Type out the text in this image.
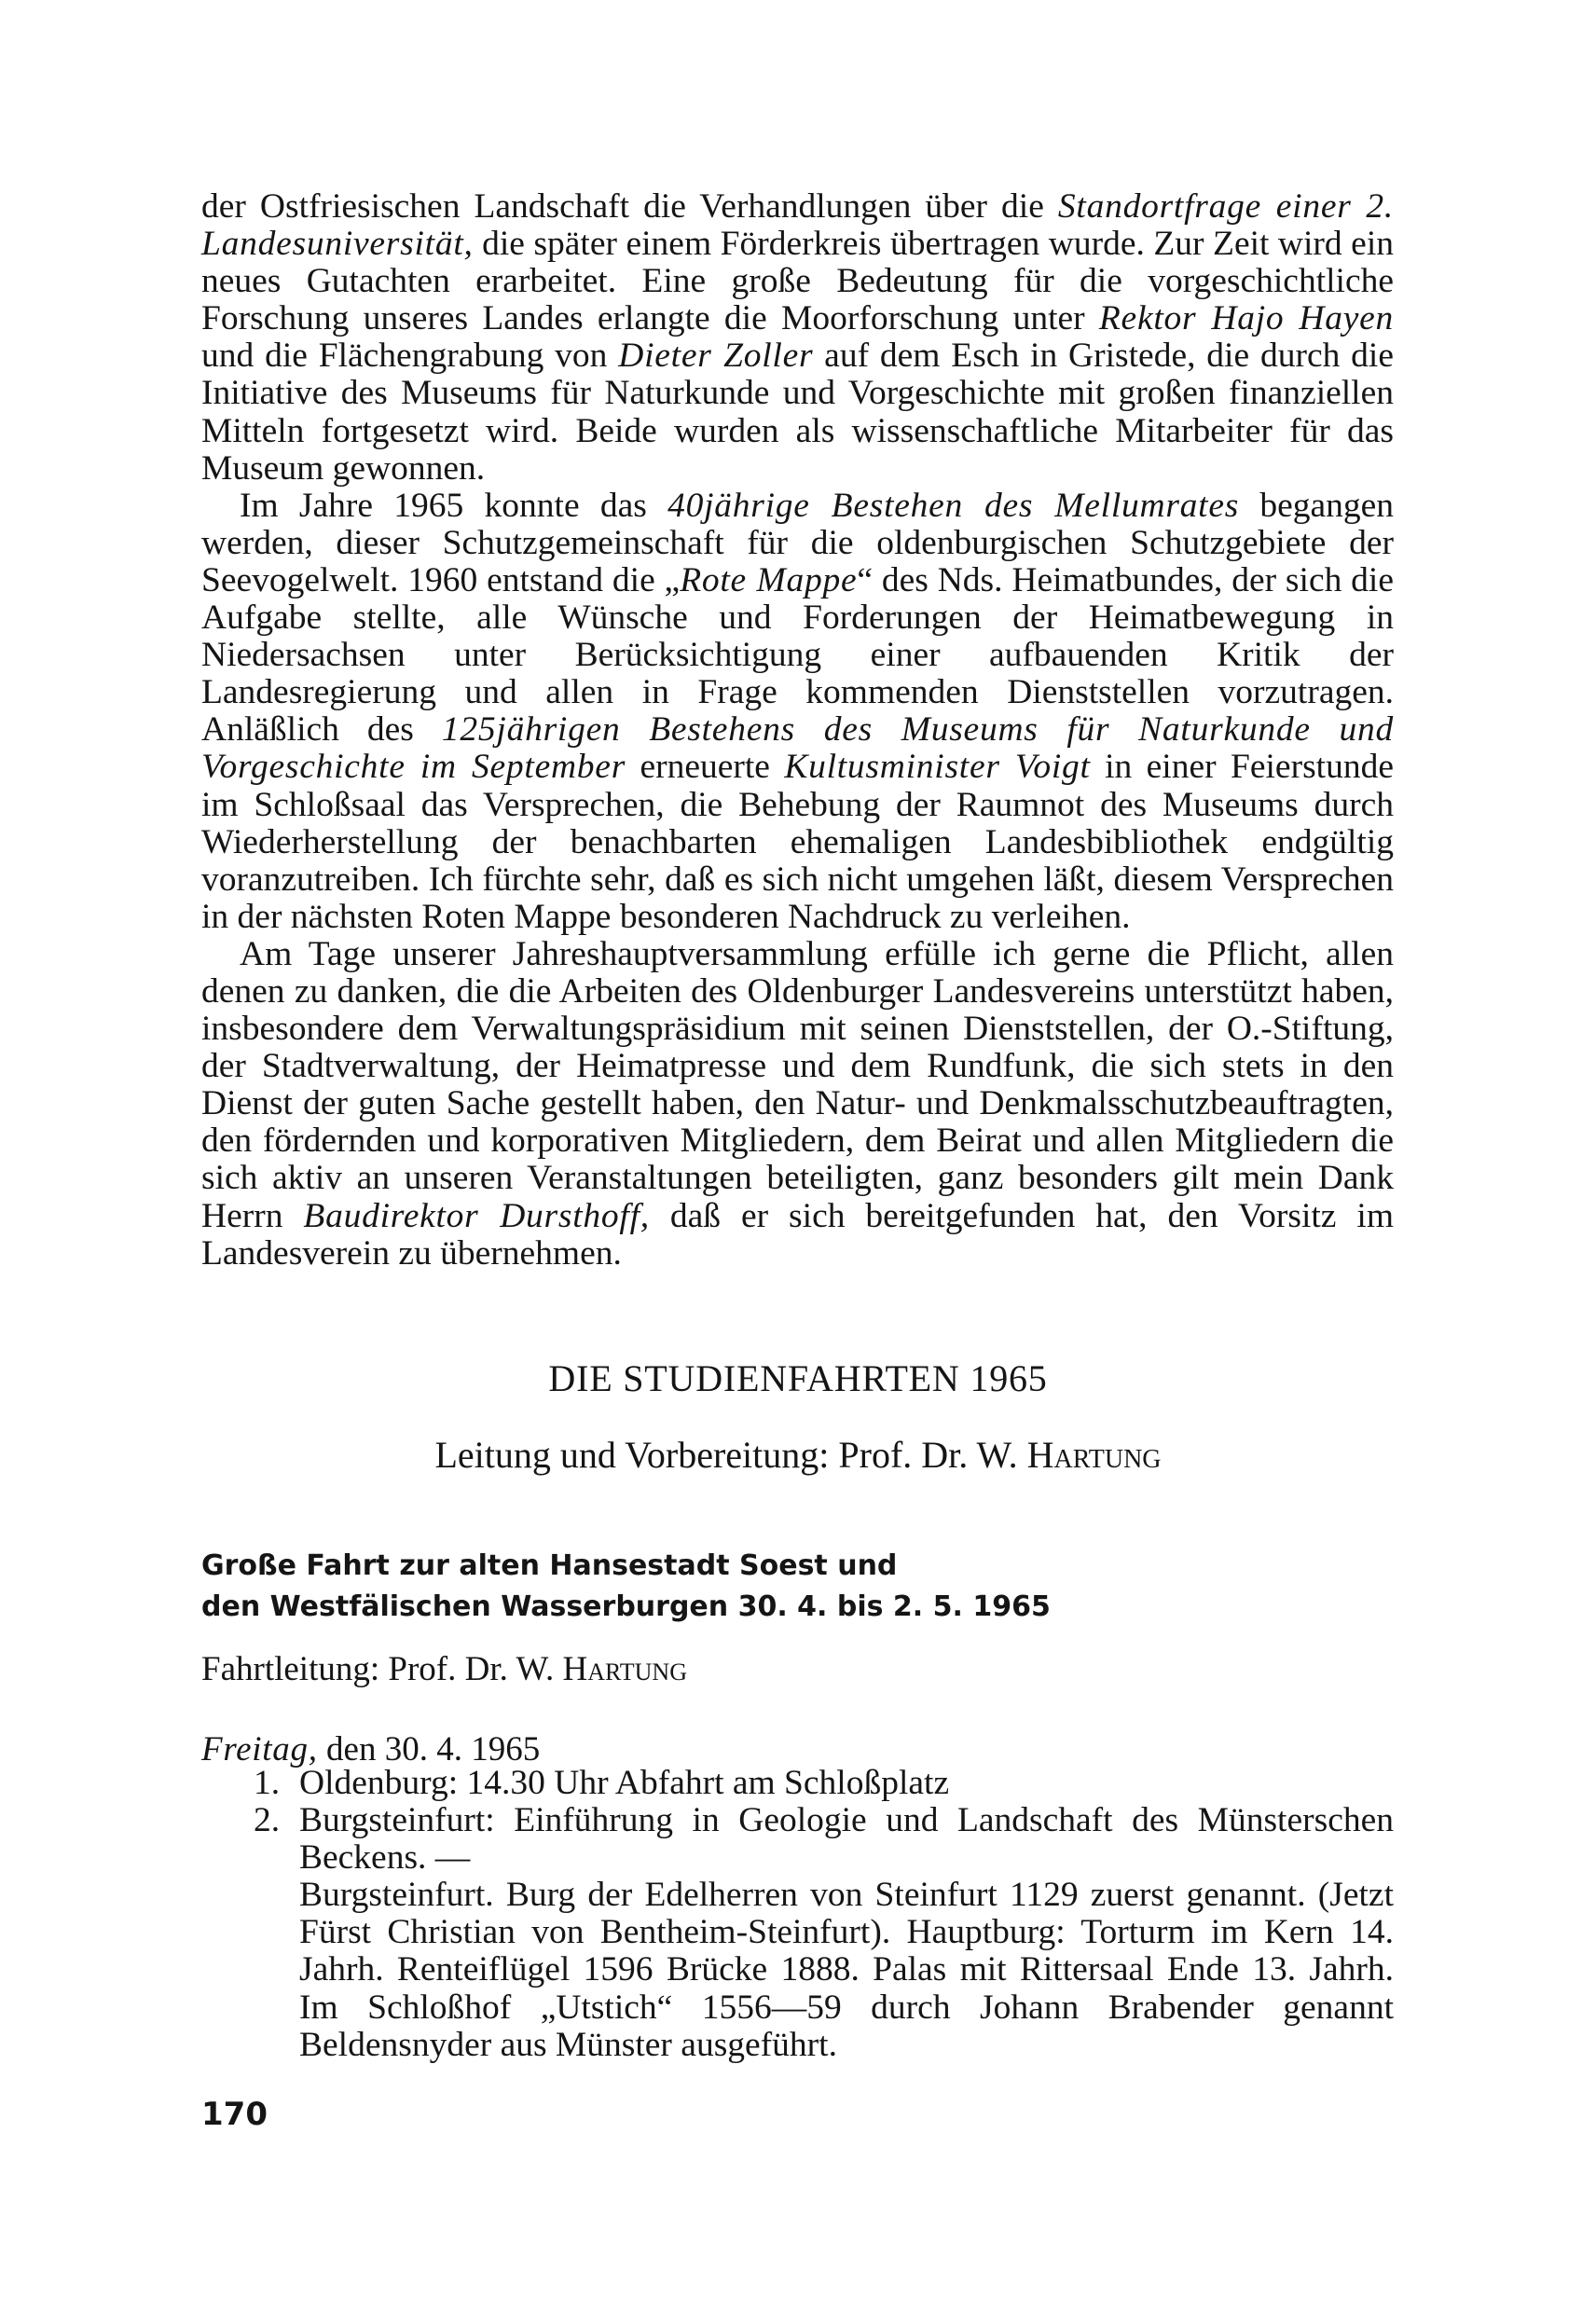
der Ostfriesischen Landschaft die Verhandlungen über die Standortfrage einer 2. Landesuniversität, die später einem Förderkreis übertragen wurde. Zur Zeit wird ein neues Gutachten erarbeitet. Eine große Bedeutung für die vorgeschichtliche Forschung unseres Landes erlangte die Moorforschung unter Rektor Hajo Hayen und die Flächengrabung von Dieter Zoller auf dem Esch in Gristede, die durch die Initiative des Museums für Naturkunde und Vorgeschichte mit großen finanziellen Mitteln fortgesetzt wird. Beide wurden als wissenschaftliche Mitarbeiter für das Museum gewonnen.

Im Jahre 1965 konnte das 40jährige Bestehen des Mellumrates begangen werden, dieser Schutzgemeinschaft für die oldenburgischen Schutzgebiete der Seevogelwelt. 1960 entstand die „Rote Mappe“ des Nds. Heimatbundes, der sich die Aufgabe stellte, alle Wünsche und Forderungen der Heimatbewegung in Niedersachsen unter Berücksichtigung einer aufbauenden Kritik der Landesregierung und allen in Frage kommenden Dienststellen vorzutragen. Anläßlich des 125jährigen Bestehens des Museums für Naturkunde und Vorgeschichte im September erneuerte Kultusminister Voigt in einer Feierstunde im Schloßsaal das Versprechen, die Behebung der Raumnot des Museums durch Wiederherstellung der benachbarten ehemaligen Landesbibliothek endgültig voranzutreiben. Ich fürchte sehr, daß es sich nicht umgehen läßt, diesem Versprechen in der nächsten Roten Mappe besonderen Nachdruck zu verleihen.

Am Tage unserer Jahreshauptversammlung erfülle ich gerne die Pflicht, allen denen zu danken, die die Arbeiten des Oldenburger Landesvereins unterstützt haben, insbesondere dem Verwaltungspräsidium mit seinen Dienststellen, der O.-Stiftung, der Stadtverwaltung, der Heimatpresse und dem Rundfunk, die sich stets in den Dienst der guten Sache gestellt haben, den Natur- und Denkmalsschutzbeauftragten, den fördernden und korporativen Mitgliedern, dem Beirat und allen Mitgliedern die sich aktiv an unseren Veranstaltungen beteiligten, ganz besonders gilt mein Dank Herrn Baudirektor Dursthoff, daß er sich bereitgefunden hat, den Vorsitz im Landesverein zu übernehmen.

DIE STUDIENFAHRTEN 1965

Leitung und Vorbereitung: Prof. Dr. W. Hartung

Große Fahrt zur alten Hansestadt Soest und
den Westfälischen Wasserburgen 30. 4. bis 2. 5. 1965

Fahrtleitung: Prof. Dr. W. Hartung

Freitag, den 30. 4. 1965

1. Oldenburg: 14.30 Uhr Abfahrt am Schloßplatz
2. Burgsteinfurt: Einführung in Geologie und Landschaft des Münsterschen Beckens. —
Burgsteinfurt. Burg der Edelherren von Steinfurt 1129 zuerst genannt. (Jetzt Fürst Christian von Bentheim-Steinfurt). Hauptburg: Torturm im Kern 14. Jahrh. Renteiflügel 1596 Brücke 1888. Palas mit Rittersaal Ende 13. Jahrh. Im Schloßhof „Utstich“ 1556—59 durch Johann Brabender genannt Beldensnyder aus Münster ausgeführt.

170
